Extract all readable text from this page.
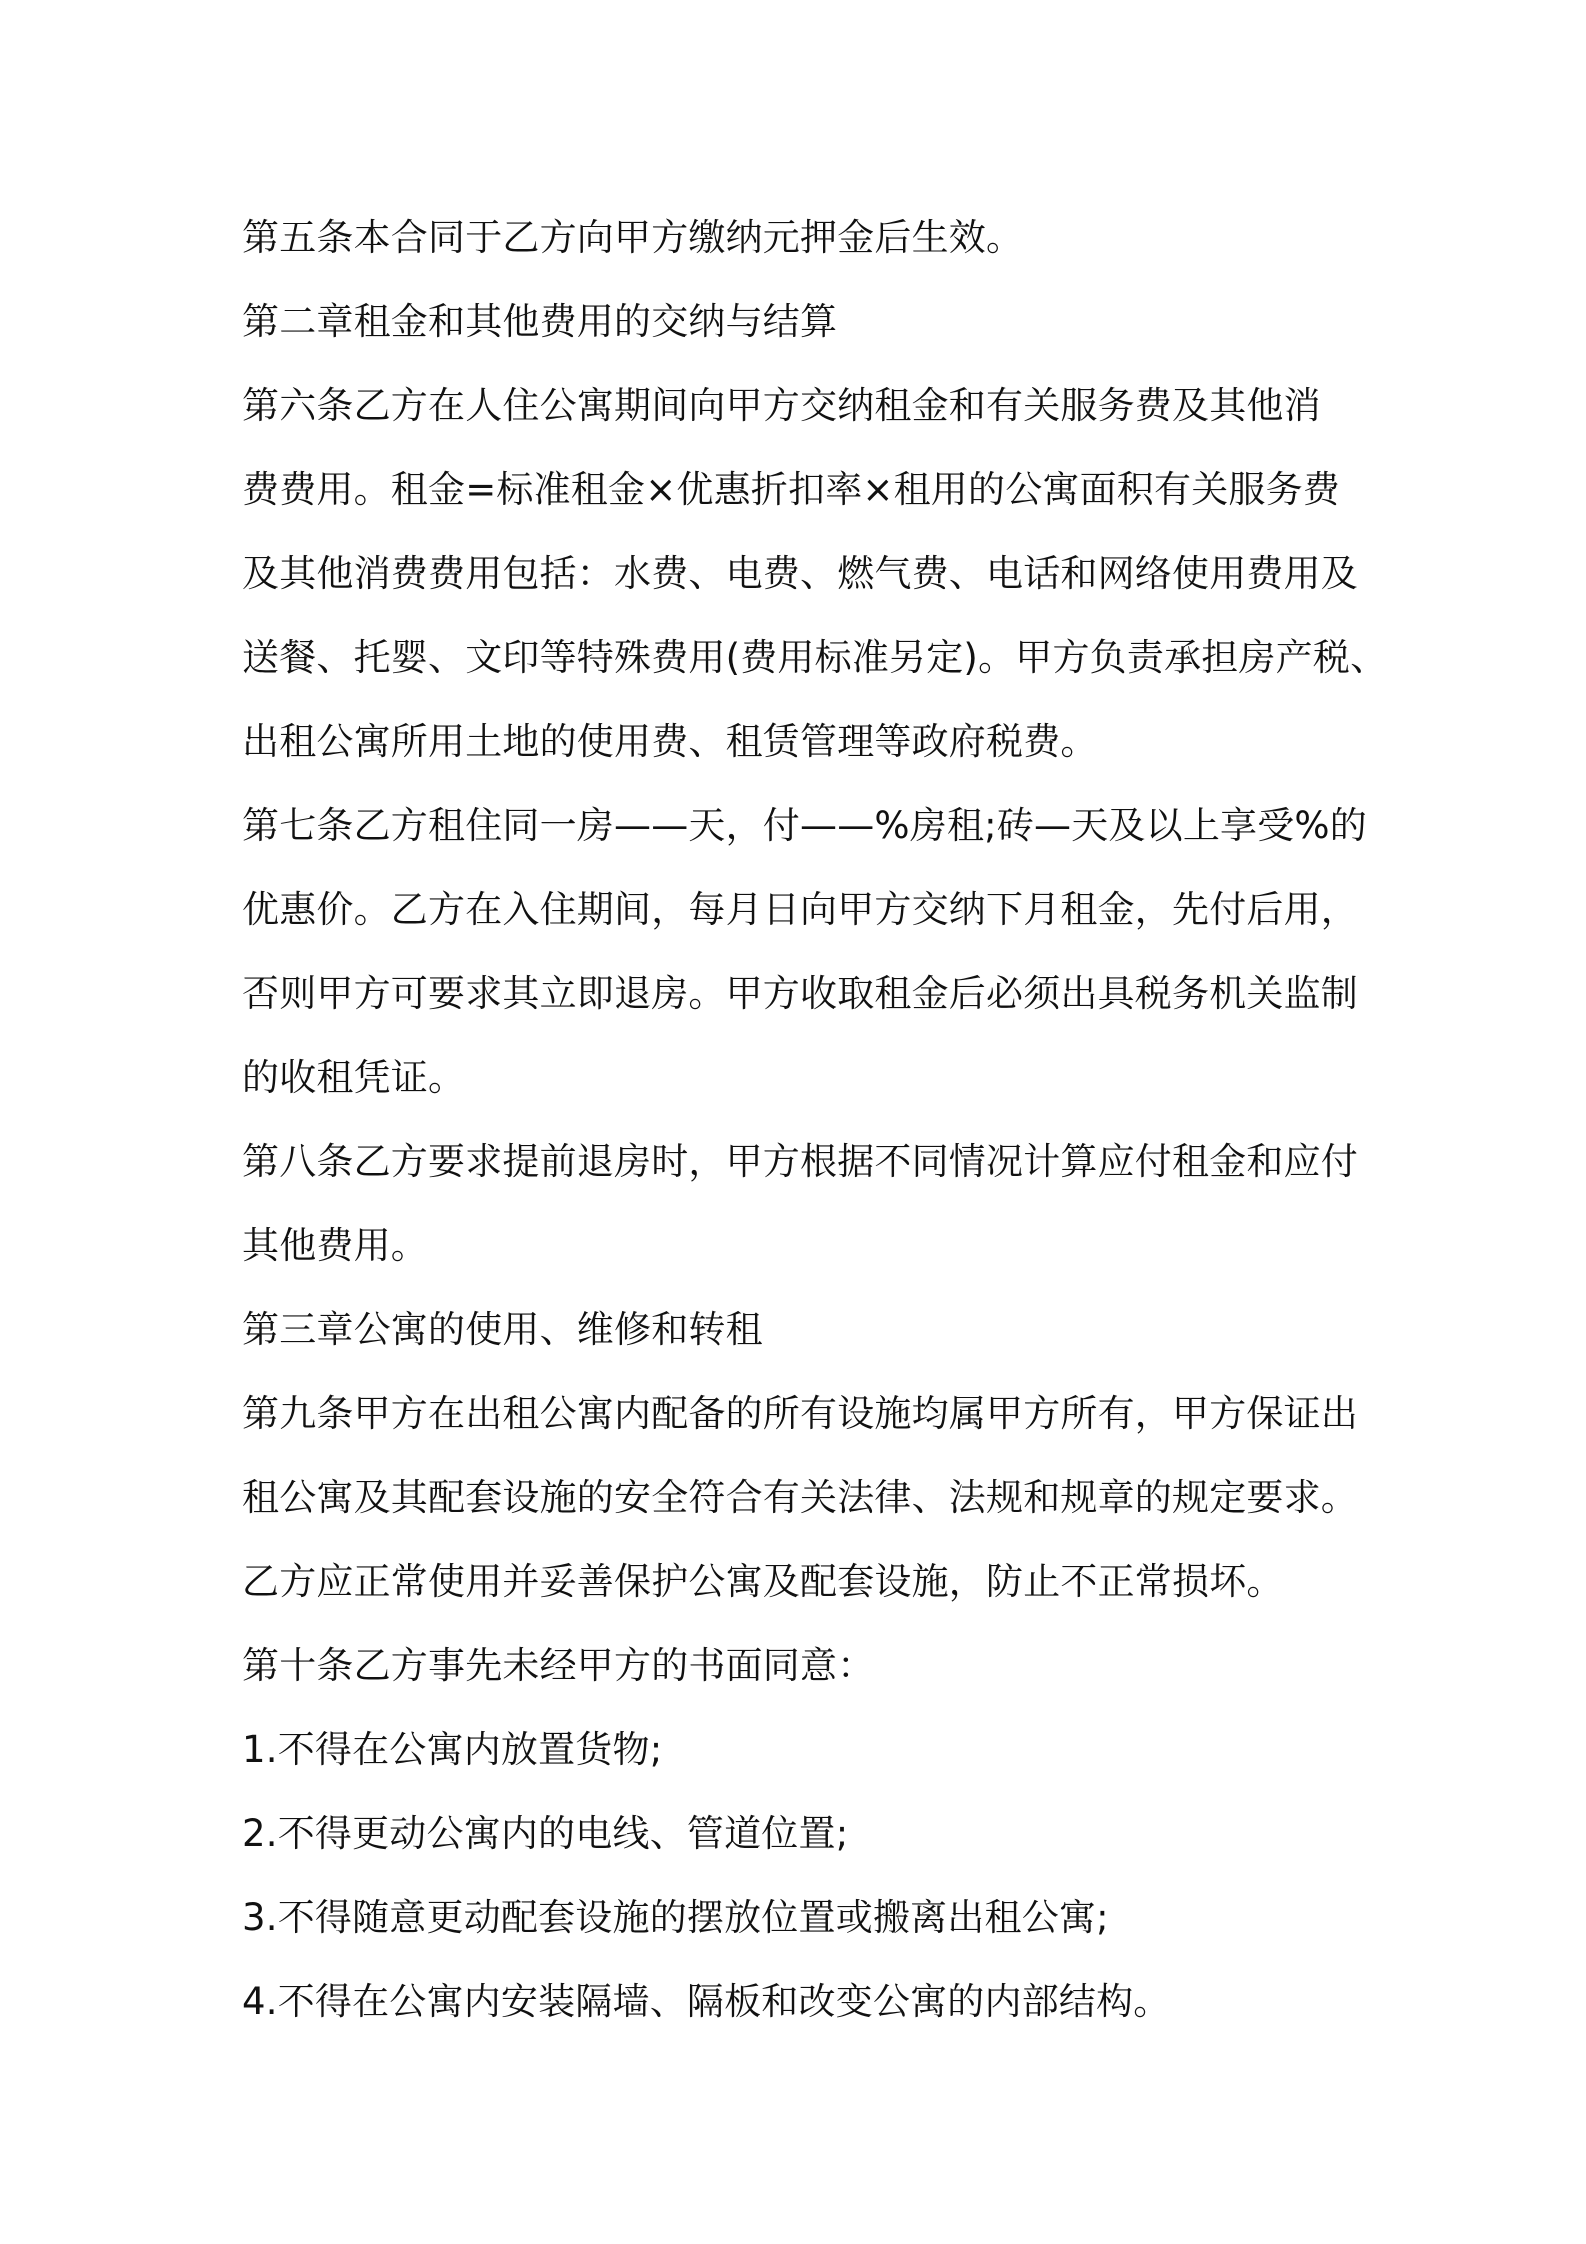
第五条本合同于乙方向甲方缴纳元押金后生效。
第二章租金和其他费用的交纳与结算
第六条乙方在人住公寓期间向甲方交纳租金和有关服务费及其他消
费费用。租金=标准租金×优惠折扣率×租用的公寓面积有关服务费
及其他消费费用包括：水费、电费、燃气费、电话和网络使用费用及
送餐、托婴、文印等特殊费用(费用标准另定)。甲方负责承担房产税、
出租公寓所用土地的使用费、租赁管理等政府税费。
第七条乙方租住同一房——天，付——%房租;砖—天及以上享受%的
优惠价。乙方在入住期间，每月日向甲方交纳下月租金，先付后用，
否则甲方可要求其立即退房。甲方收取租金后必须出具税务机关监制
的收租凭证。
第八条乙方要求提前退房时，甲方根据不同情况计算应付租金和应付
其他费用。
第三章公寓的使用、维修和转租
第九条甲方在出租公寓内配备的所有设施均属甲方所有，甲方保证出
租公寓及其配套设施的安全符合有关法律、法规和规章的规定要求。
乙方应正常使用并妥善保护公寓及配套设施，防止不正常损坏。
第十条乙方事先未经甲方的书面同意：
1.不得在公寓内放置货物;
2.不得更动公寓内的电线、管道位置;
3.不得随意更动配套设施的摆放位置或搬离出租公寓;
4.不得在公寓内安装隔墙、隔板和改变公寓的内部结构。
